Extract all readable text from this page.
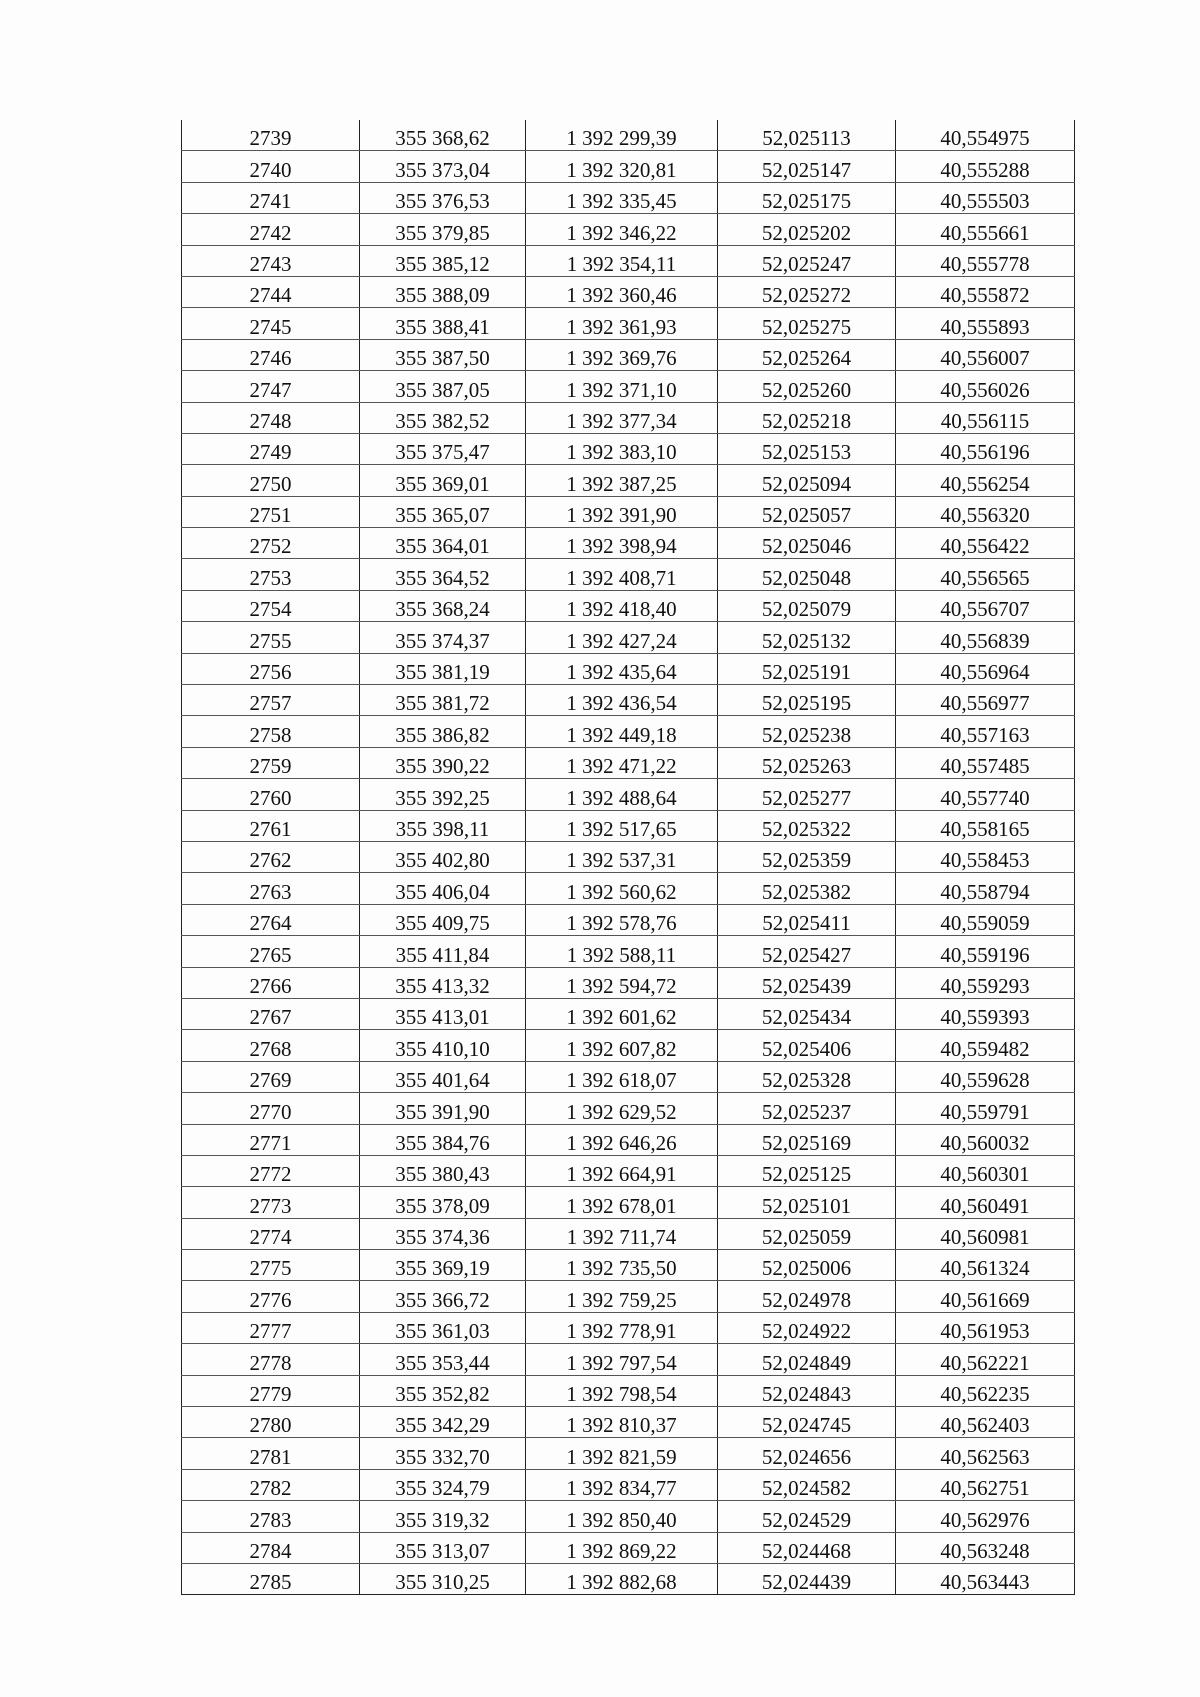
2739	355 368,62	1 392 299,39	52,025113	40,554975
2740	355 373,04	1 392 320,81	52,025147	40,555288
2741	355 376,53	1 392 335,45	52,025175	40,555503
2742	355 379,85	1 392 346,22	52,025202	40,555661
2743	355 385,12	1 392 354,11	52,025247	40,555778
2744	355 388,09	1 392 360,46	52,025272	40,555872
2745	355 388,41	1 392 361,93	52,025275	40,555893
2746	355 387,50	1 392 369,76	52,025264	40,556007
2747	355 387,05	1 392 371,10	52,025260	40,556026
2748	355 382,52	1 392 377,34	52,025218	40,556115
2749	355 375,47	1 392 383,10	52,025153	40,556196
2750	355 369,01	1 392 387,25	52,025094	40,556254
2751	355 365,07	1 392 391,90	52,025057	40,556320
2752	355 364,01	1 392 398,94	52,025046	40,556422
2753	355 364,52	1 392 408,71	52,025048	40,556565
2754	355 368,24	1 392 418,40	52,025079	40,556707
2755	355 374,37	1 392 427,24	52,025132	40,556839
2756	355 381,19	1 392 435,64	52,025191	40,556964
2757	355 381,72	1 392 436,54	52,025195	40,556977
2758	355 386,82	1 392 449,18	52,025238	40,557163
2759	355 390,22	1 392 471,22	52,025263	40,557485
2760	355 392,25	1 392 488,64	52,025277	40,557740
2761	355 398,11	1 392 517,65	52,025322	40,558165
2762	355 402,80	1 392 537,31	52,025359	40,558453
2763	355 406,04	1 392 560,62	52,025382	40,558794
2764	355 409,75	1 392 578,76	52,025411	40,559059
2765	355 411,84	1 392 588,11	52,025427	40,559196
2766	355 413,32	1 392 594,72	52,025439	40,559293
2767	355 413,01	1 392 601,62	52,025434	40,559393
2768	355 410,10	1 392 607,82	52,025406	40,559482
2769	355 401,64	1 392 618,07	52,025328	40,559628
2770	355 391,90	1 392 629,52	52,025237	40,559791
2771	355 384,76	1 392 646,26	52,025169	40,560032
2772	355 380,43	1 392 664,91	52,025125	40,560301
2773	355 378,09	1 392 678,01	52,025101	40,560491
2774	355 374,36	1 392 711,74	52,025059	40,560981
2775	355 369,19	1 392 735,50	52,025006	40,561324
2776	355 366,72	1 392 759,25	52,024978	40,561669
2777	355 361,03	1 392 778,91	52,024922	40,561953
2778	355 353,44	1 392 797,54	52,024849	40,562221
2779	355 352,82	1 392 798,54	52,024843	40,562235
2780	355 342,29	1 392 810,37	52,024745	40,562403
2781	355 332,70	1 392 821,59	52,024656	40,562563
2782	355 324,79	1 392 834,77	52,024582	40,562751
2783	355 319,32	1 392 850,40	52,024529	40,562976
2784	355 313,07	1 392 869,22	52,024468	40,563248
2785	355 310,25	1 392 882,68	52,024439	40,563443
